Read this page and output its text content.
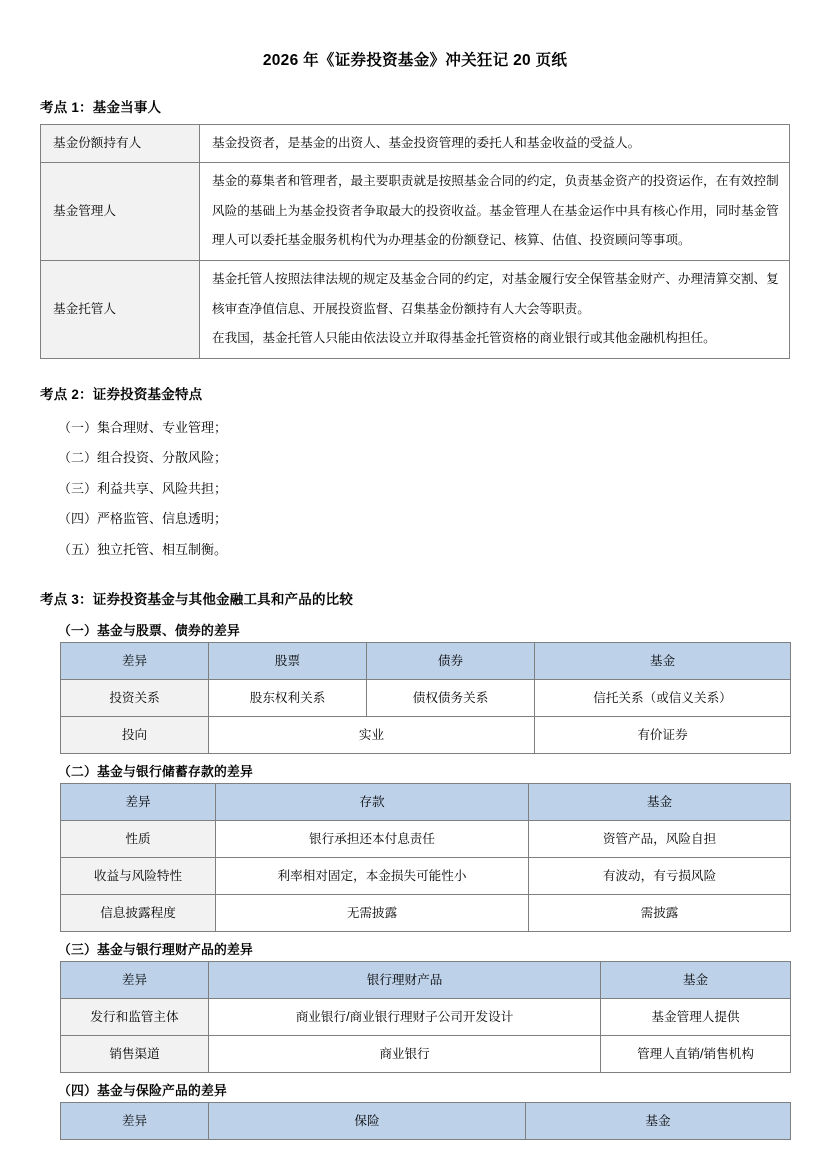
2026 年《证券投资基金》冲关狂记 20 页纸
考点 1：基金当事人
基金份额持有人	基金投资者，是基金的出资人、基金投资管理的委托人和基金收益的受益人。

基金管理人	基金的募集者和管理者，最主要职责就是按照基金合同的约定，负责基金资产的投资运作，在有效控制风险的基础上为基金投资者争取最大的投资收益。基金管理人在基金运作中具有核心作用，同时基金管理人可以委托基金服务机构代为办理基金的份额登记、核算、估值、投资顾问等事项。

基金托管人	基金托管人按照法律法规的规定及基金合同的约定，对基金履行安全保管基金财产、办理清算交割、复核审查净值信息、开展投资监督、召集基金份额持有人大会等职责。

在我国，基金托管人只能由依法设立并取得基金托管资格的商业银行或其他金融机构担任。

考点 2：证券投资基金特点
（一）集合理财、专业管理；
（二）组合投资、分散风险；
（三）利益共享、风险共担；
（四）严格监管、信息透明；
（五）独立托管、相互制衡。
考点 3：证券投资基金与其他金融工具和产品的比较
（一）基金与股票、债券的差异
差异	股票	债券	基金
投资关系	股东权利关系	债权债务关系	信托关系（或信义关系）
投向	实业		有价证券
（二）基金与银行储蓄存款的差异
差异	存款	基金
性质	银行承担还本付息责任	资管产品，风险自担
收益与风险特性	利率相对固定，本金损失可能性小	有波动，有亏损风险
信息披露程度	无需披露	需披露
（三）基金与银行理财产品的差异
差异	银行理财产品	基金
发行和监管主体	商业银行/商业银行理财子公司开发设计	基金管理人提供
销售渠道	商业银行	管理人直销/销售机构
（四）基金与保险产品的差异
差异	保险	基金
